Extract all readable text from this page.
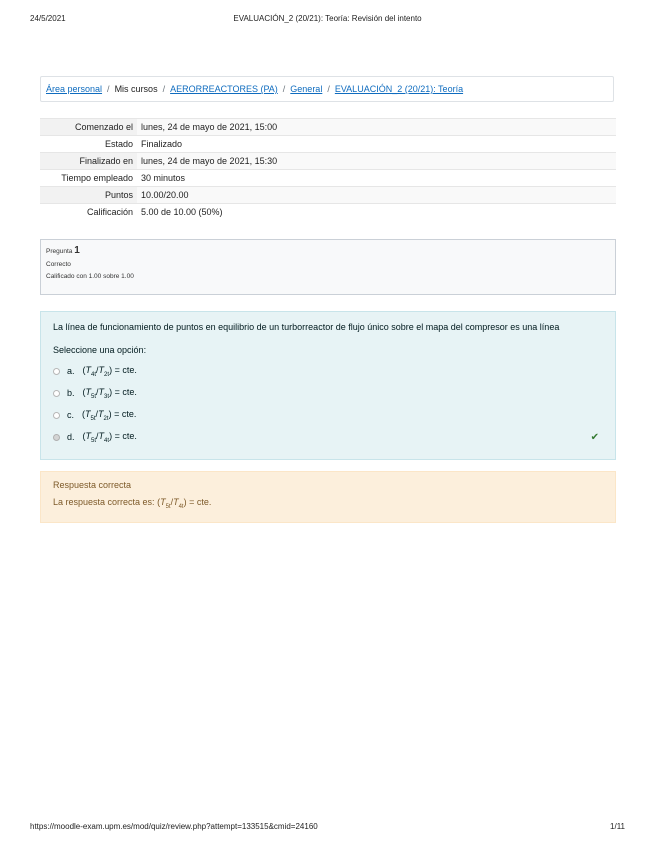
24/5/2021	EVALUACIÓN_2 (20/21): Teoría: Revisión del intento
Área personal / Mis cursos / AERORREACTORES (PA) / General / EVALUACIÓN_2 (20/21): Teoría
Comenzado el	lunes, 24 de mayo de 2021, 15:00
Estado	Finalizado
Finalizado en	lunes, 24 de mayo de 2021, 15:30
Tiempo empleado	30 minutos
Puntos	10.00/20.00
Calificación	5.00 de 10.00 (50%)
Pregunta 1
Correcto
Calificado con 1.00 sobre 1.00
La línea de funcionamiento de puntos en equilibrio de un turborreactor de flujo único sobre el mapa del compresor es una línea
Seleccione una opción:
a. $(T_{4t}/T_{2t})$ = cte.
b. $(T_{5t}/T_{3t})$ = cte.
c. $(T_{5t}/T_{2t})$ = cte.
d. $(T_{5t}/T_{4t})$ = cte.	✔
Respuesta correcta
La respuesta correcta es: $(T_{5t}/T_{4t})$ = cte.
https://moodle-exam.upm.es/mod/quiz/review.php?attempt=133515&cmid=24160	1/11
